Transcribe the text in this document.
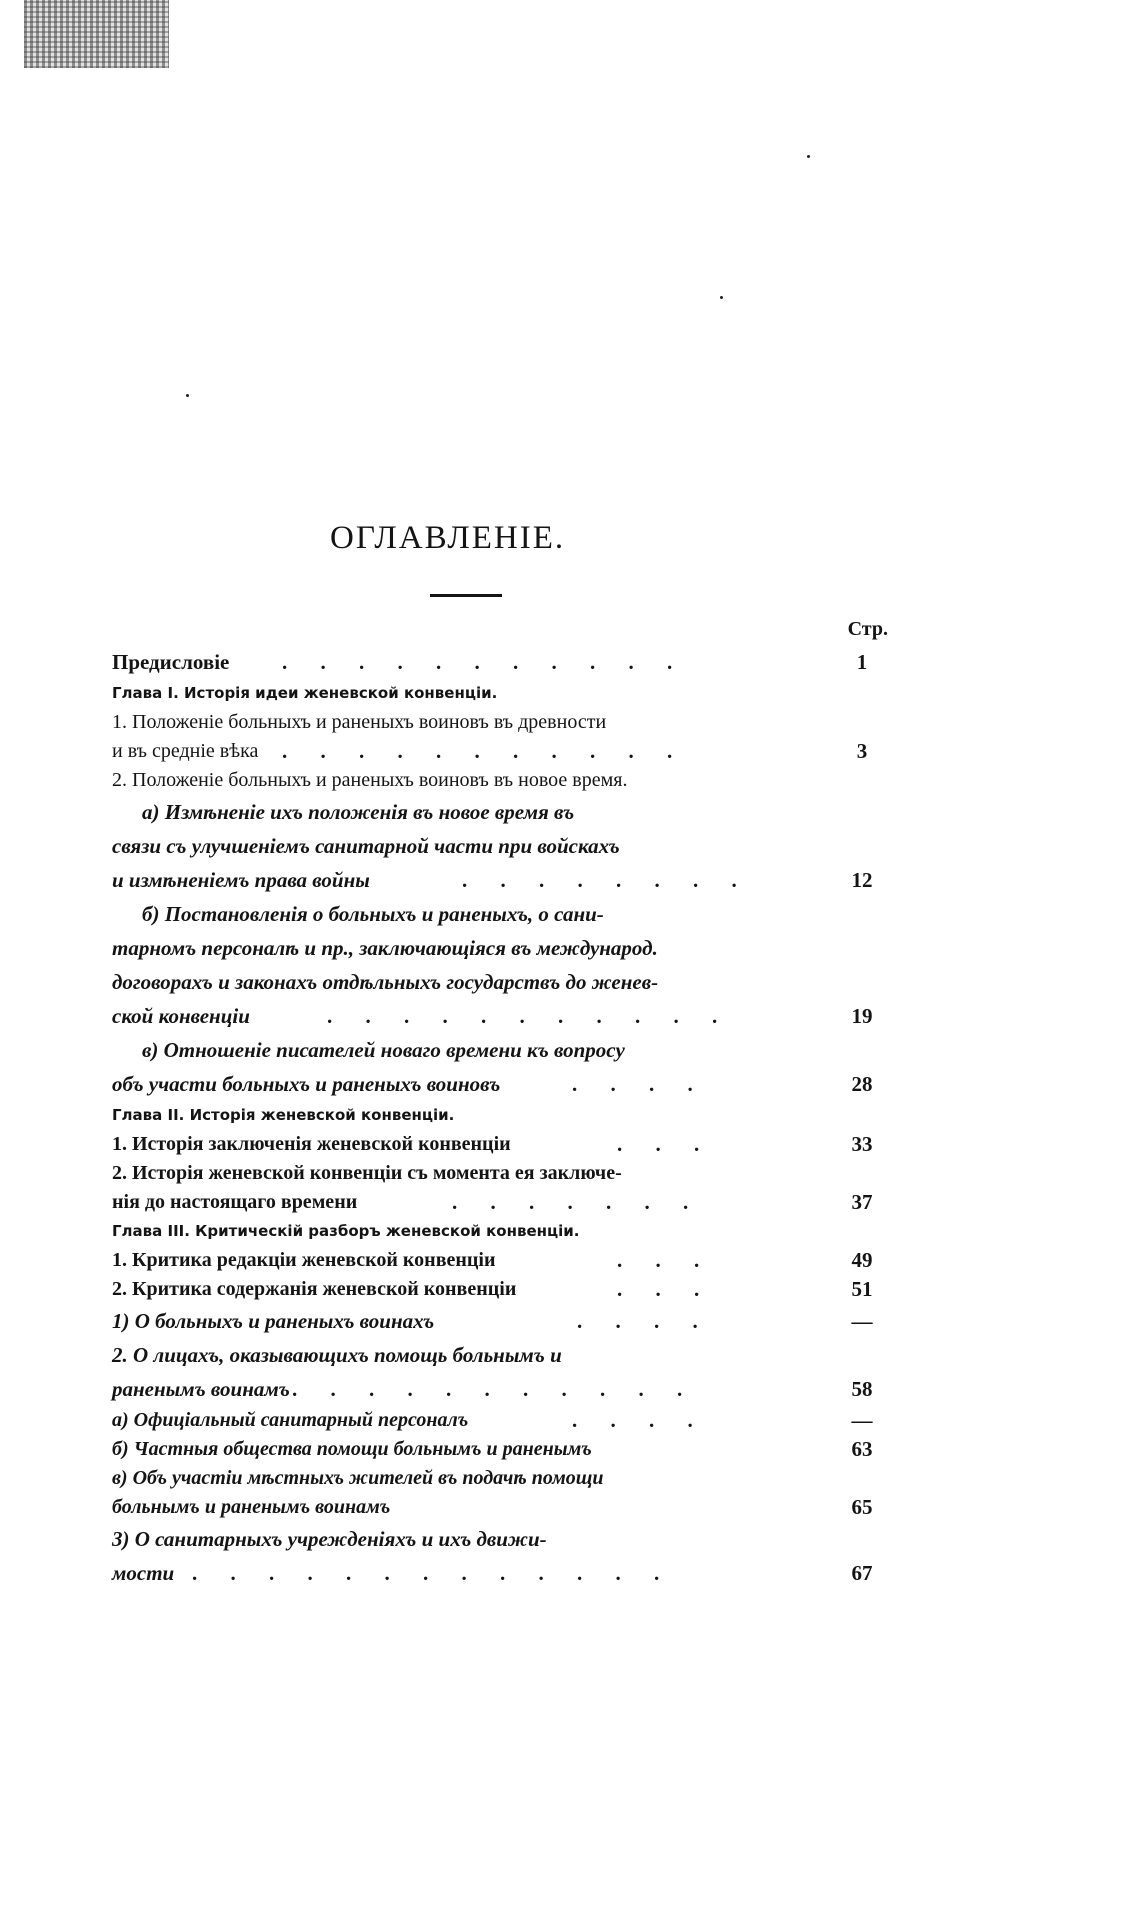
ОГЛАВЛЕНІЕ.
Стр.
Предисловіе	. . . . . . . . . . .	1
Глава I. Исторія идеи женевской конвенціи.
1. Положеніе больныхъ и раненыхъ воиновъ въ древности
и въ средніе вѣка . . . . . . . . . . .	3
2. Положеніе больныхъ и раненыхъ воиновъ въ новое время.
а) Измѣненіе ихъ положенія въ новое время въ
связи съ улучшеніемъ санитарной части при войскахъ
и измѣненіемъ права войны	. . . . . . . .	12
б) Постановленія о больныхъ и раненыхъ, о сани-
тарномъ персоналѣ и пр., заключающіяся въ международ.
договорахъ и законахъ отдѣльныхъ государствъ до женев-
ской конвенціи	. . . . . . . . . . .	19
в) Отношеніе писателей новаго времени къ вопросу
объ участи больныхъ и раненыхъ воиновъ	. . . .	28
Глава II. Исторія женевской конвенціи.
1. Исторія заключенія женевской конвенціи	. . .	33
2. Исторія женевской конвенціи съ момента ея заключе-
нія до настоящаго времени	. . . . . . .	37
Глава III. Критическій разборъ женевской конвенціи.
1. Критика редакціи женевской конвенціи	. . .	49
2. Критика содержанія женевской конвенціи	. . .	51
1) О больныхъ и раненыхъ воинахъ	. . . .	—
2. О лицахъ, оказывающихъ помощь больнымъ и
раненымъ воинамъ . . . . . . . . . . .	58
а) Офиціальный санитарный персоналъ	. . . .	—
б) Частныя общества помощи больнымъ и раненымъ	63
в) Объ участіи мѣстныхъ жителей въ подачѣ помощи
больнымъ и раненымъ воинамъ	65
3) О санитарныхъ учрежденіяхъ и ихъ движи-
мости . . . . . . . . . . . . .	67
